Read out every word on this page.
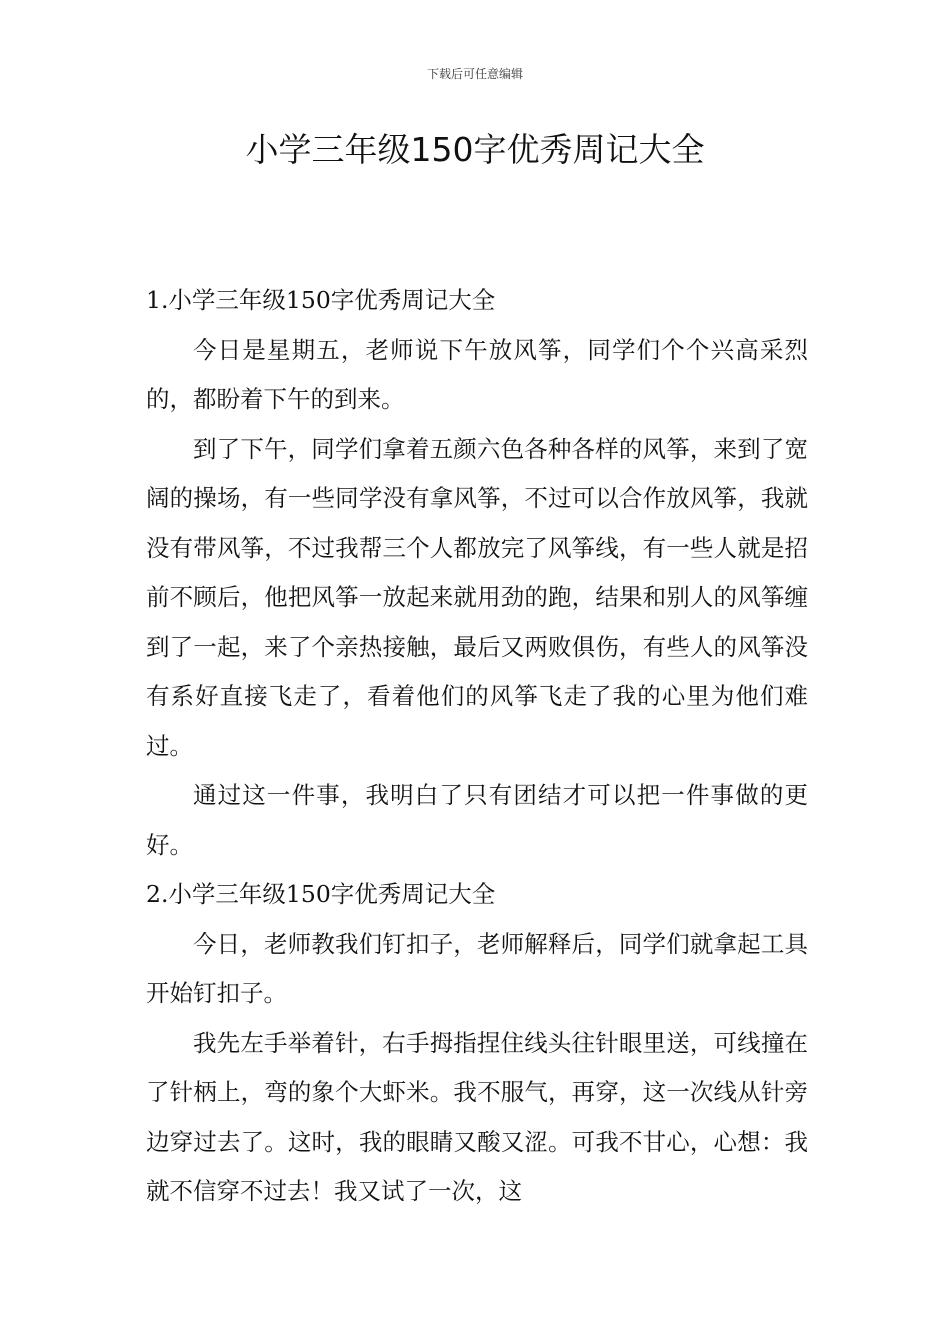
下载后可任意编辑
小学三年级150字优秀周记大全

1.小学三年级150字优秀周记大全

今日是星期五，老师说下午放风筝，同学们个个兴高采烈的，都盼着下午的到来。

到了下午，同学们拿着五颜六色各种各样的风筝，来到了宽阔的操场，有一些同学没有拿风筝，不过可以合作放风筝，我就没有带风筝，不过我帮三个人都放完了风筝线，有一些人就是招前不顾后，他把风筝一放起来就用劲的跑，结果和别人的风筝缠到了一起，来了个亲热接触，最后又两败俱伤，有些人的风筝没有系好直接飞走了，看着他们的风筝飞走了我的心里为他们难过。

通过这一件事，我明白了只有团结才可以把一件事做的更好。

2.小学三年级150字优秀周记大全

今日，老师教我们钉扣子，老师解释后，同学们就拿起工具开始钉扣子。

我先左手举着针，右手拇指捏住线头往针眼里送，可线撞在了针柄上，弯的象个大虾米。我不服气，再穿，这一次线从针旁边穿过去了。这时，我的眼睛又酸又涩。可我不甘心，心想：我就不信穿不过去！我又试了一次，这
